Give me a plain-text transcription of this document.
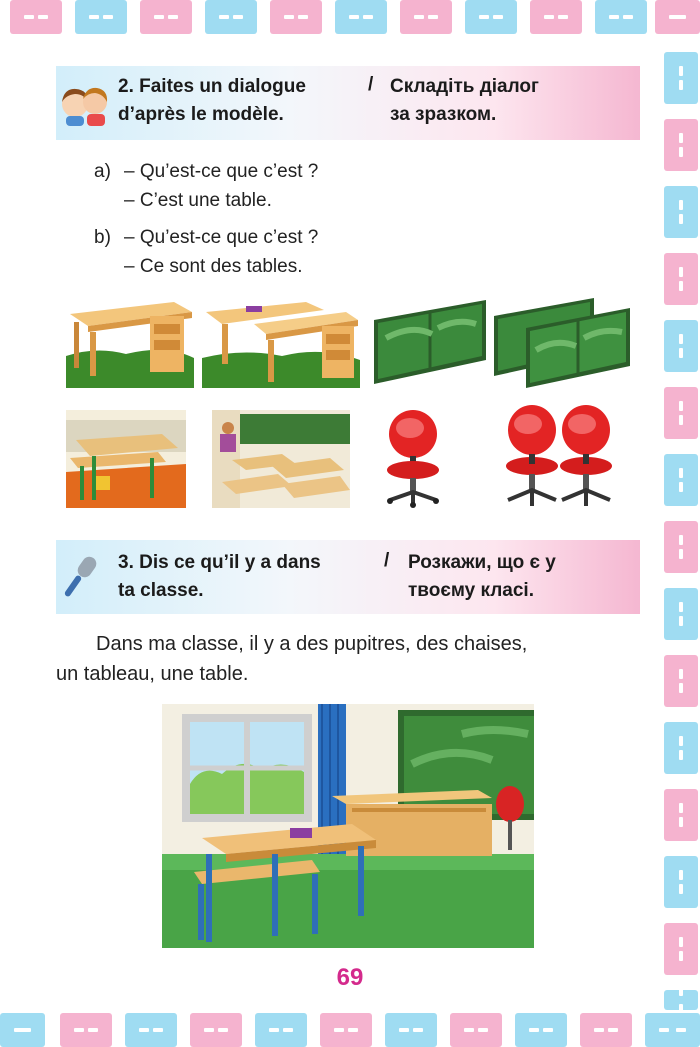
2. Faites un dialogue
d’après le modèle.
/ Складіть діалог
за зразком.
a) – Qu’est-ce que c’est ?
– C’est une table.
b) – Qu’est-ce que c’est ?
– Ce sont des tables.
3. Dis ce qu’il y a dans
ta classe.
/ Розкажи, що є у
твоєму класі.
Dans ma classe, il y a des pupitres, des chaises,
un tableau, une table.
69
